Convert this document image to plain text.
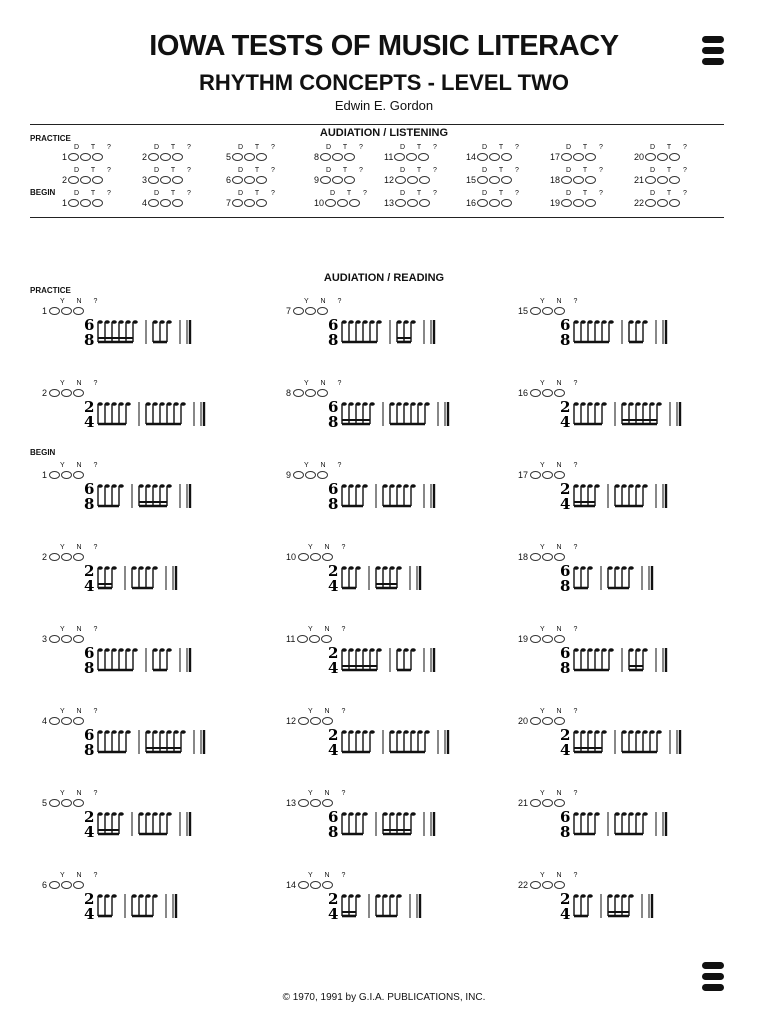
IOWA TESTS OF MUSIC LITERACY
RHYTHM CONCEPTS - LEVEL TWO
Edwin E. Gordon
AUDIATION / LISTENING
PRACTICE
BEGIN
D T ?
1
D T ?
2
D T ?
5
D T ?
8
D T ?
11
D T ?
14
D T ?
17
D T ?
20
D T ?
2
D T ?
3
D T ?
6
D T ?
9
D T ?
12
D T ?
15
D T ?
18
D T ?
21
D T ?
1
D T ?
4
D T ?
7
D T ?
10
D T ?
13
D T ?
16
D T ?
19
D T ?
22
AUDIATION / READING
PRACTICE
BEGIN
Y N ?
1
6
8
Y N ?
2
2
4
Y N ?
1
6
8
Y N ?
2
2
4
Y N ?
3
6
8
Y N ?
4
6
8
Y N ?
5
2
4
Y N ?
6
2
4
Y N ?
7
6
8
Y N ?
8
6
8
Y N ?
9
6
8
Y N ?
10
2
4
Y N ?
11
2
4
Y N ?
12
2
4
Y N ?
13
6
8
Y N ?
14
2
4
Y N ?
15
6
8
Y N ?
16
2
4
Y N ?
17
2
4
Y N ?
18
6
8
Y N ?
19
6
8
Y N ?
20
2
4
Y N ?
21
6
8
Y N ?
22
2
4
© 1970, 1991 by G.I.A. PUBLICATIONS, INC.
